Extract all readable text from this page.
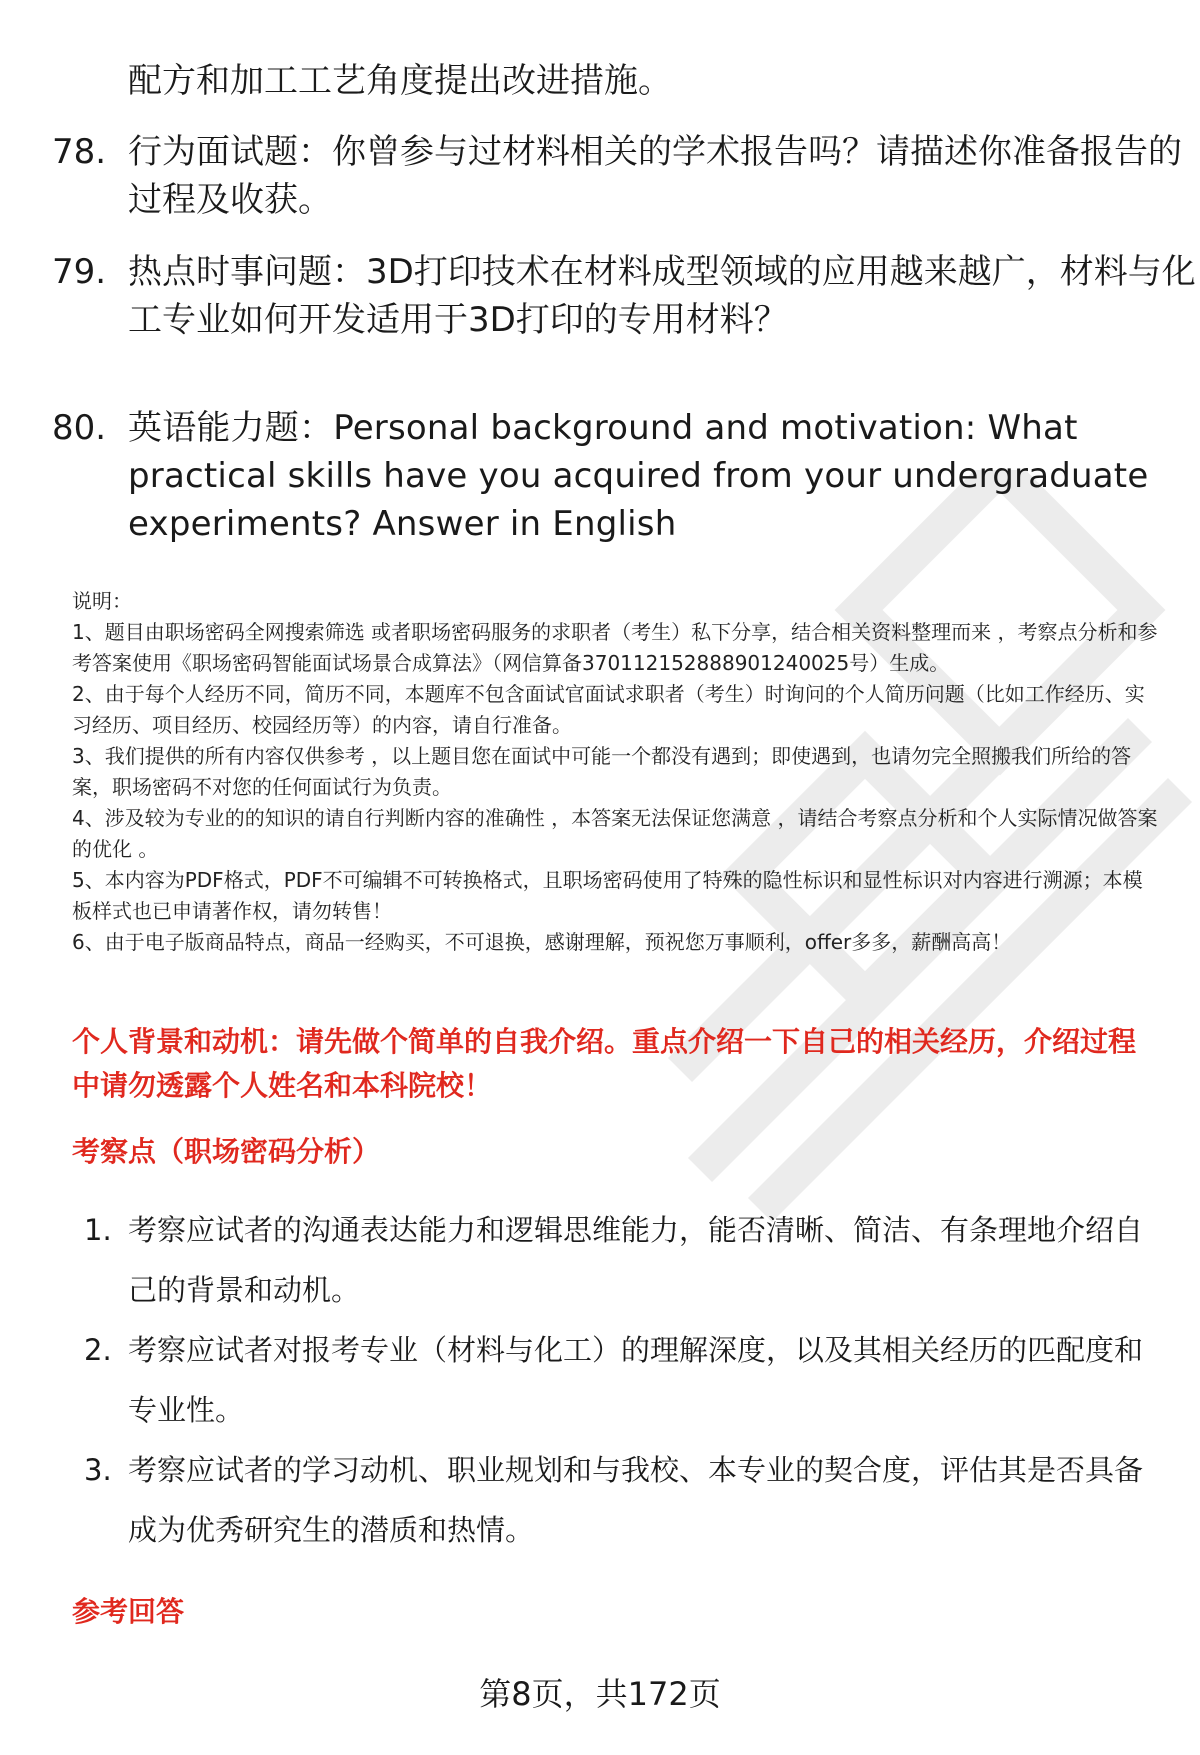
配方和加工工艺角度提出改进措施。
78. 行为面试题：你曾参与过材料相关的学术报告吗？请描述你准备报告的过程及收获。
79. 热点时事问题：3D打印技术在材料成型领域的应用越来越广，材料与化工专业如何开发适用于3D打印的专用材料？
80. 英语能力题：Personal background and motivation: What practical skills have you acquired from your undergraduate experiments? Answer in English

说明：

1、题目由职场密码全网搜索筛选 或者职场密码服务的求职者（考生）私下分享，结合相关资料整理而来 ，考察点分析和参考答案使用《职场密码智能面试场景合成算法》（网信算备370112152888901240025号）生成。

2、由于每个人经历不同，简历不同，本题库不包含面试官面试求职者（考生）时询问的个人简历问题（比如工作经历、实习经历、项目经历、校园经历等）的内容，请自行准备。

3、我们提供的所有内容仅供参考 ，以上题目您在面试中可能一个都没有遇到；即使遇到，也请勿完全照搬我们所给的答案，职场密码不对您的任何面试行为负责。

4、涉及较为专业的的知识的请自行判断内容的准确性 ，本答案无法保证您满意 ，请结合考察点分析和个人实际情况做答案的优化 。

5、本内容为PDF格式，PDF不可编辑不可转换格式，且职场密码使用了特殊的隐性标识和显性标识对内容进行溯源；本模板样式也已申请著作权，请勿转售！

6、由于电子版商品特点，商品一经购买，不可退换，感谢理解，预祝您万事顺利，offer多多，薪酬高高！

个人背景和动机：请先做个简单的自我介绍。重点介绍一下自己的相关经历，介绍过程中请勿透露个人姓名和本科院校！
考察点（职场密码分析）
1. 考察应试者的沟通表达能力和逻辑思维能力，能否清晰、简洁、有条理地介绍自己的背景和动机。
2. 考察应试者对报考专业（材料与化工）的理解深度，以及其相关经历的匹配度和专业性。
3. 考察应试者的学习动机、职业规划和与我校、本专业的契合度，评估其是否具备成为优秀研究生的潜质和热情。
参考回答
第8页，共172页
